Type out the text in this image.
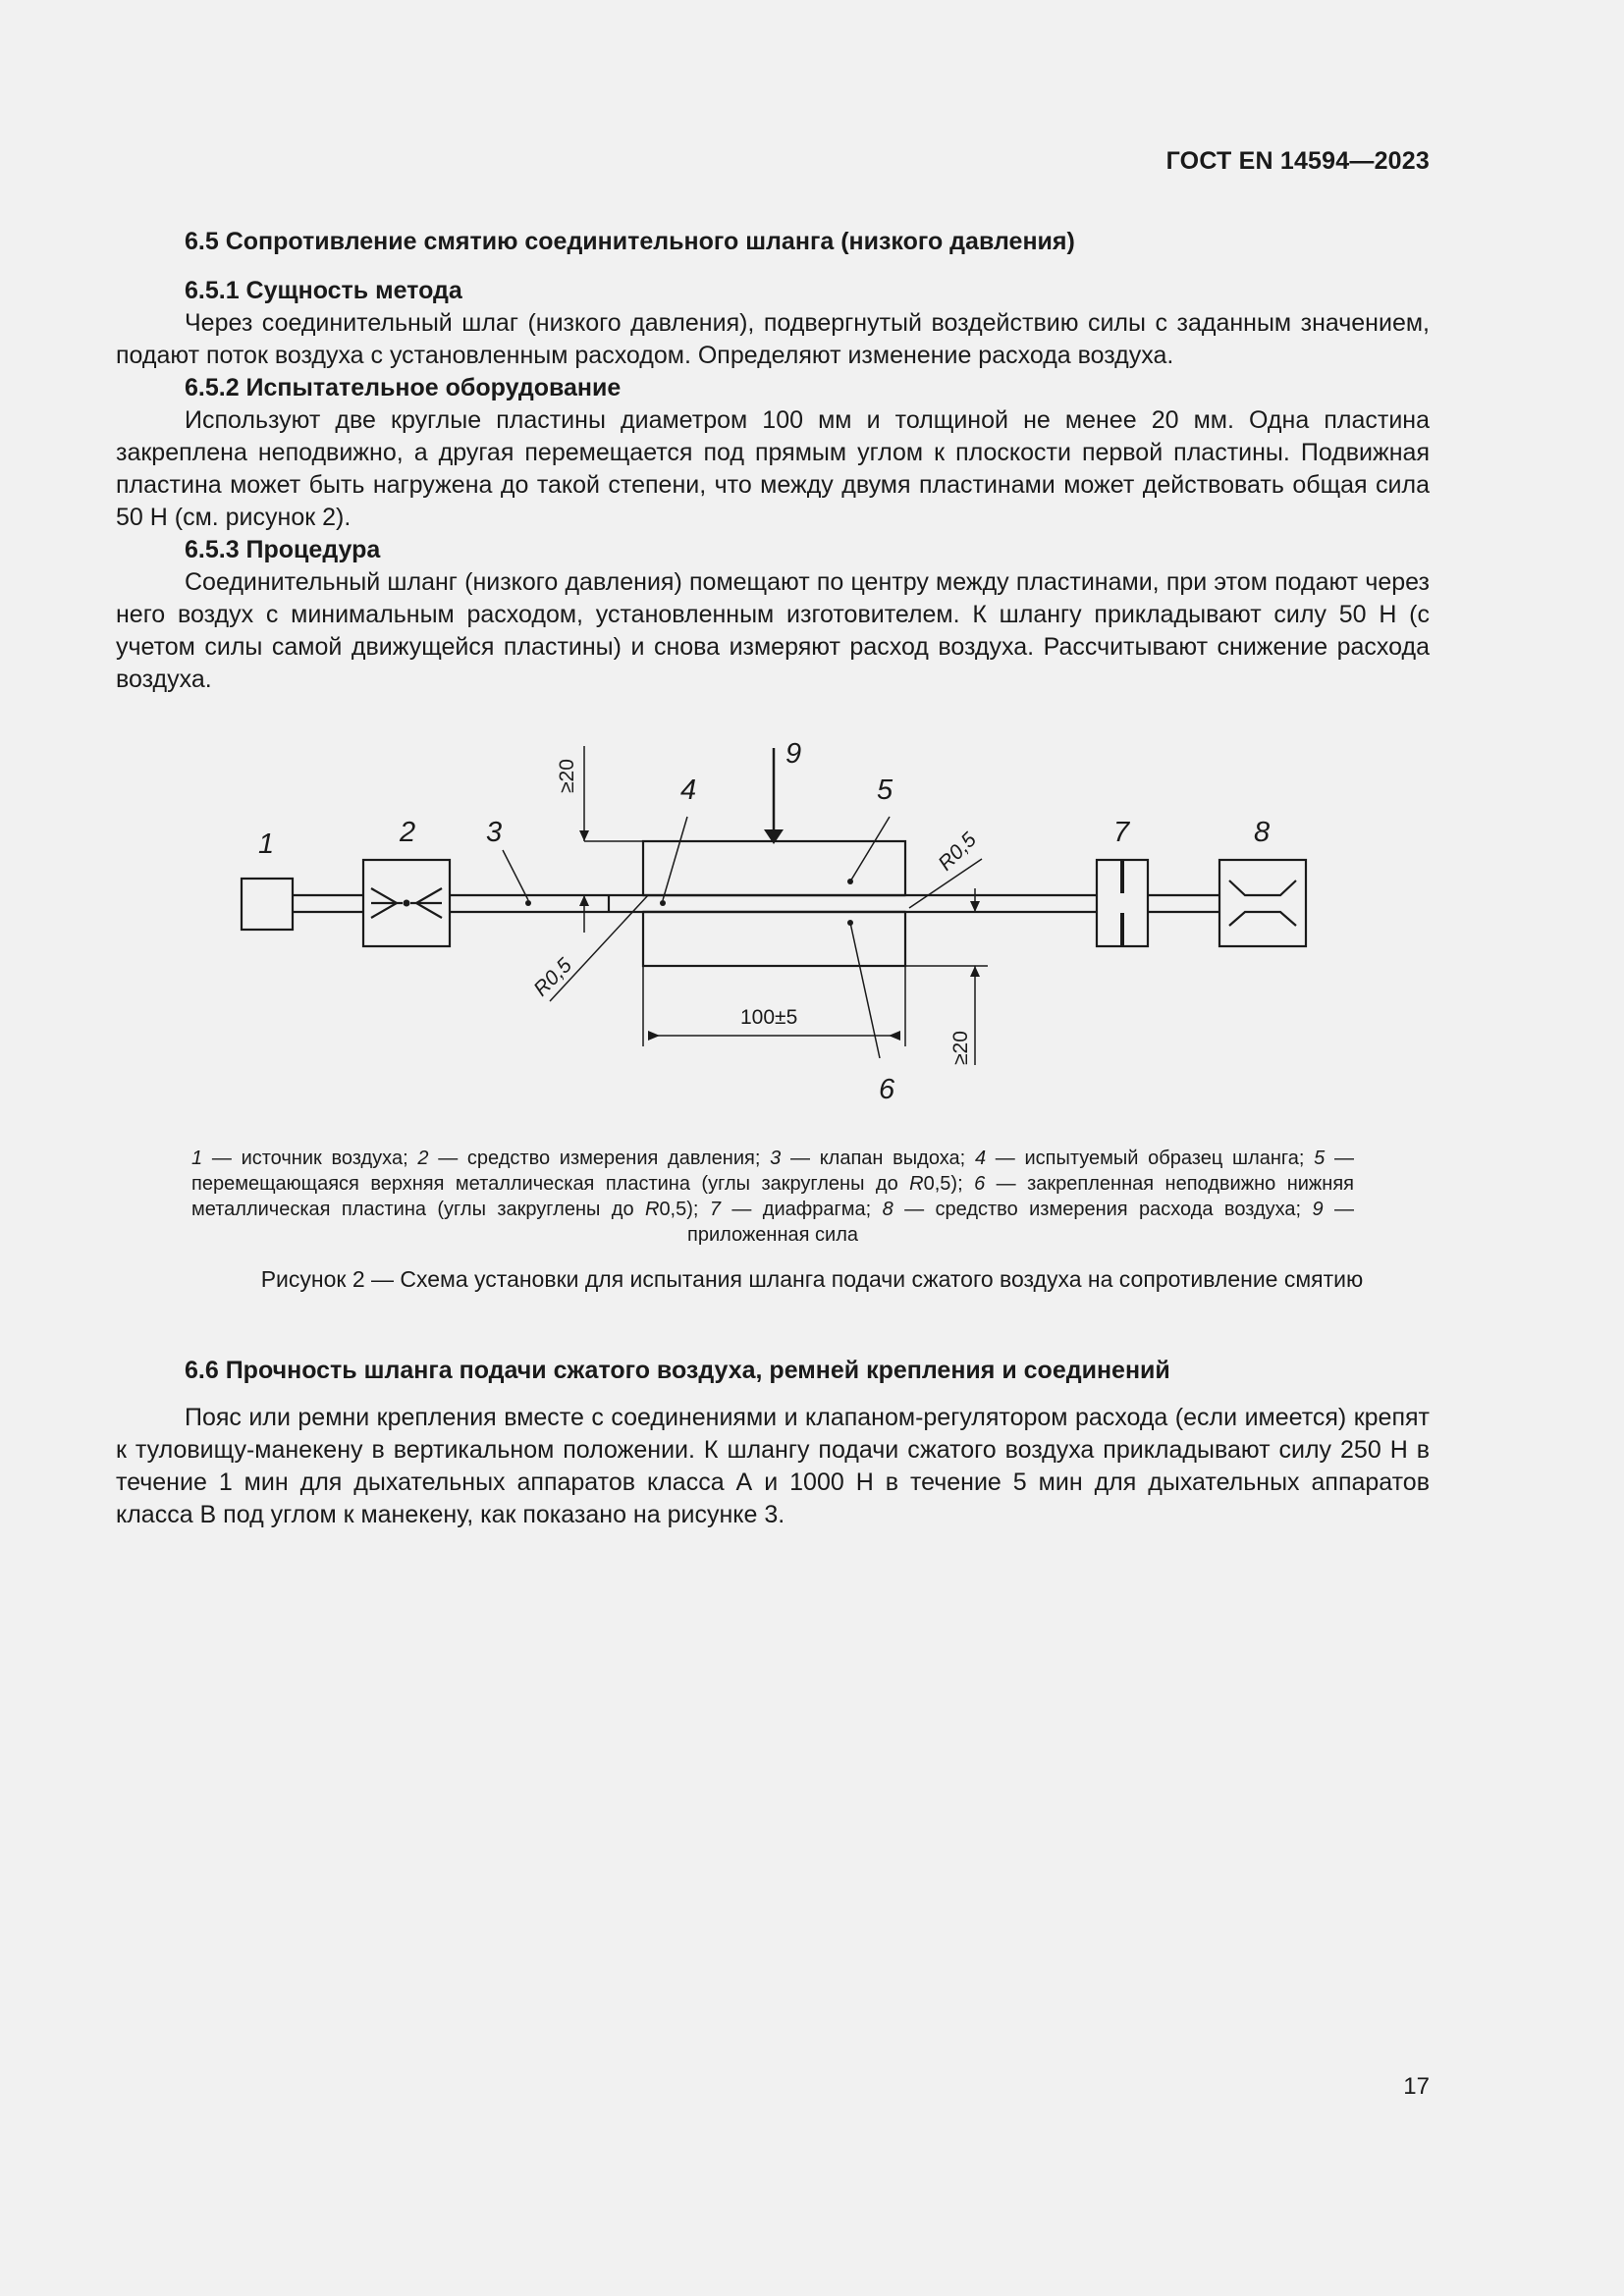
ГОСТ EN 14594—2023

6.5 Сопротивление смятию соединительного шланга (низкого давления)

6.5.1 Сущность метода

Через соединительный шлаг (низкого давления), подвергнутый воздействию силы с заданным значением, подают поток воздуха с установленным расходом. Определяют изменение расхода воздуха.

6.5.2 Испытательное оборудование

Используют две круглые пластины диаметром 100 мм и толщиной не менее 20 мм. Одна пластина закреплена неподвижно, а другая перемещается под прямым углом к плоскости первой пластины. Подвижная пластина может быть нагружена до такой степени, что между двумя пластинами может действовать общая сила 50 Н (см. рисунок 2).

6.5.3 Процедура

Соединительный шланг (низкого давления) помещают по центру между пластинами, при этом подают через него воздух с минимальным расходом, установленным изготовителем. К шлангу прикладывают силу 50 Н (с учетом силы самой движущейся пластины) и снова измеряют расход воздуха. Рассчитывают снижение расхода воздуха.

1	2 3
4	5
6
7	8
9
≥20
≥20
R0,5
R0,5
100±5
1 — источник воздуха; 2 — средство измерения давления; 3 — клапан выдоха; 4 — испытуемый образец шланга; 5 — перемещающаяся верхняя металлическая пластина (углы закруглены до R0,5); 6 — закрепленная неподвижно нижняя металлическая пластина (углы закруглены до R0,5); 7 — диафрагма; 8 — средство измерения расхода воздуха; 9 — приложенная сила
Рисунок 2 — Схема установки для испытания шланга подачи сжатого воздуха на сопротивление смятию

6.6 Прочность шланга подачи сжатого воздуха, ремней крепления и соединений

Пояс или ремни крепления вместе с соединениями и клапаном-регулятором расхода (если имеется) крепят к туловищу-манекену в вертикальном положении. К шлангу подачи сжатого воздуха прикладывают силу 250 Н в течение 1 мин для дыхательных аппаратов класса А и 1000 Н в течение 5 мин для дыхательных аппаратов класса В под углом к манекену, как показано на рисунке 3.

17
